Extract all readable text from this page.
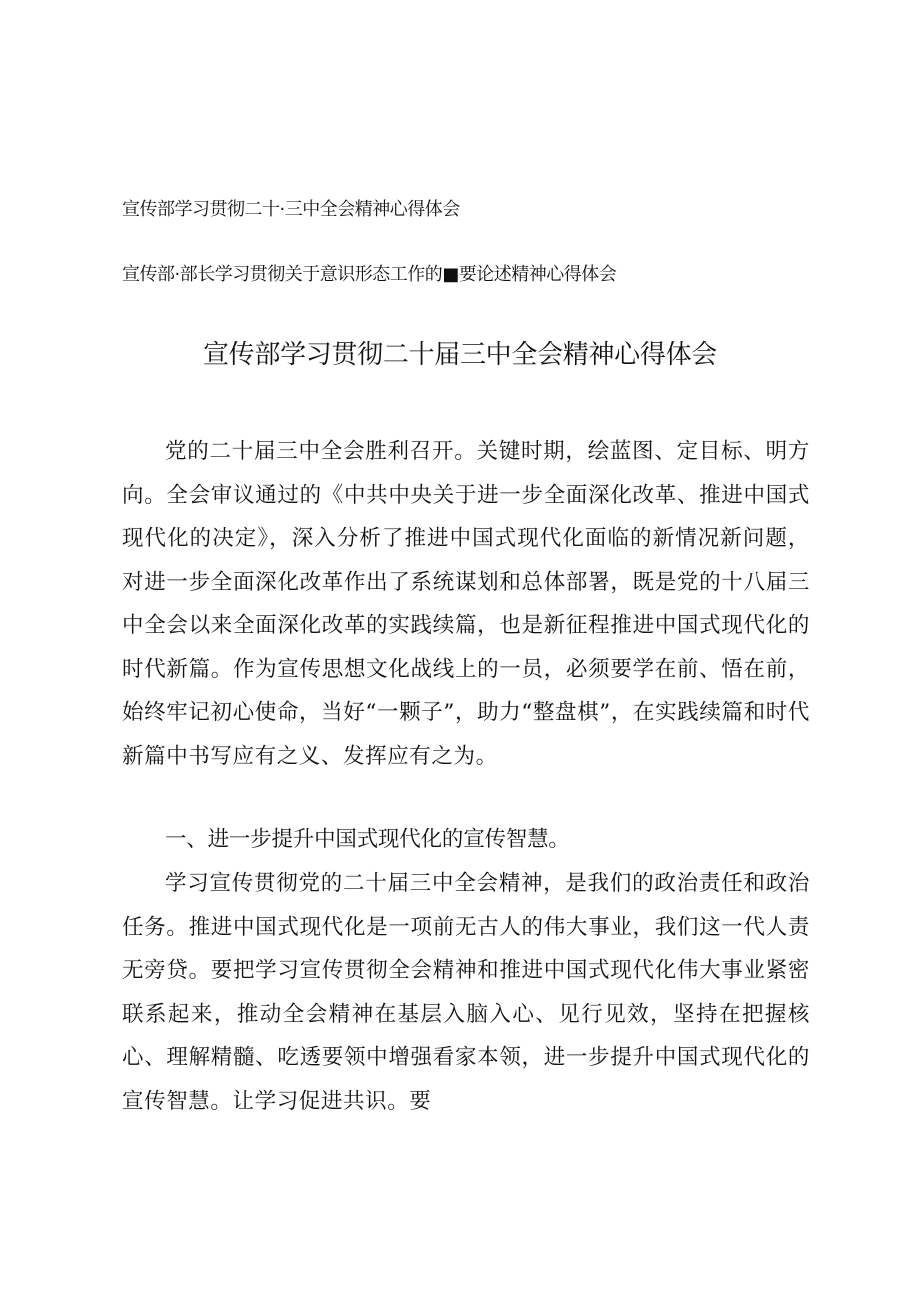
宣传部学习贯彻二十·三中全会精神心得体会
宣传部·部长学习贯彻关于意识形态工作的■要论述精神心得体会
宣传部学习贯彻二十届三中全会精神心得体会

党的二十届三中全会胜利召开。关键时期，绘蓝图、定目标、明方向。全会审议通过的《中共中央关于进一步全面深化改革、推进中国式现代化的决定》，深入分析了推进中国式现代化面临的新情况新问题，对进一步全面深化改革作出了系统谋划和总体部署，既是党的十八届三中全会以来全面深化改革的实践续篇，也是新征程推进中国式现代化的时代新篇。作为宣传思想文化战线上的一员，必须要学在前、悟在前，始终牢记初心使命，当好“一颗子”，助力“整盘棋”，在实践续篇和时代新篇中书写应有之义、发挥应有之为。

一、进一步提升中国式现代化的宣传智慧。

学习宣传贯彻党的二十届三中全会精神，是我们的政治责任和政治任务。推进中国式现代化是一项前无古人的伟大事业，我们这一代人责无旁贷。要把学习宣传贯彻全会精神和推进中国式现代化伟大事业紧密联系起来，推动全会精神在基层入脑入心、见行见效，坚持在把握核心、理解精髓、吃透要领中增强看家本领，进一步提升中国式现代化的宣传智慧。让学习促进共识。要
